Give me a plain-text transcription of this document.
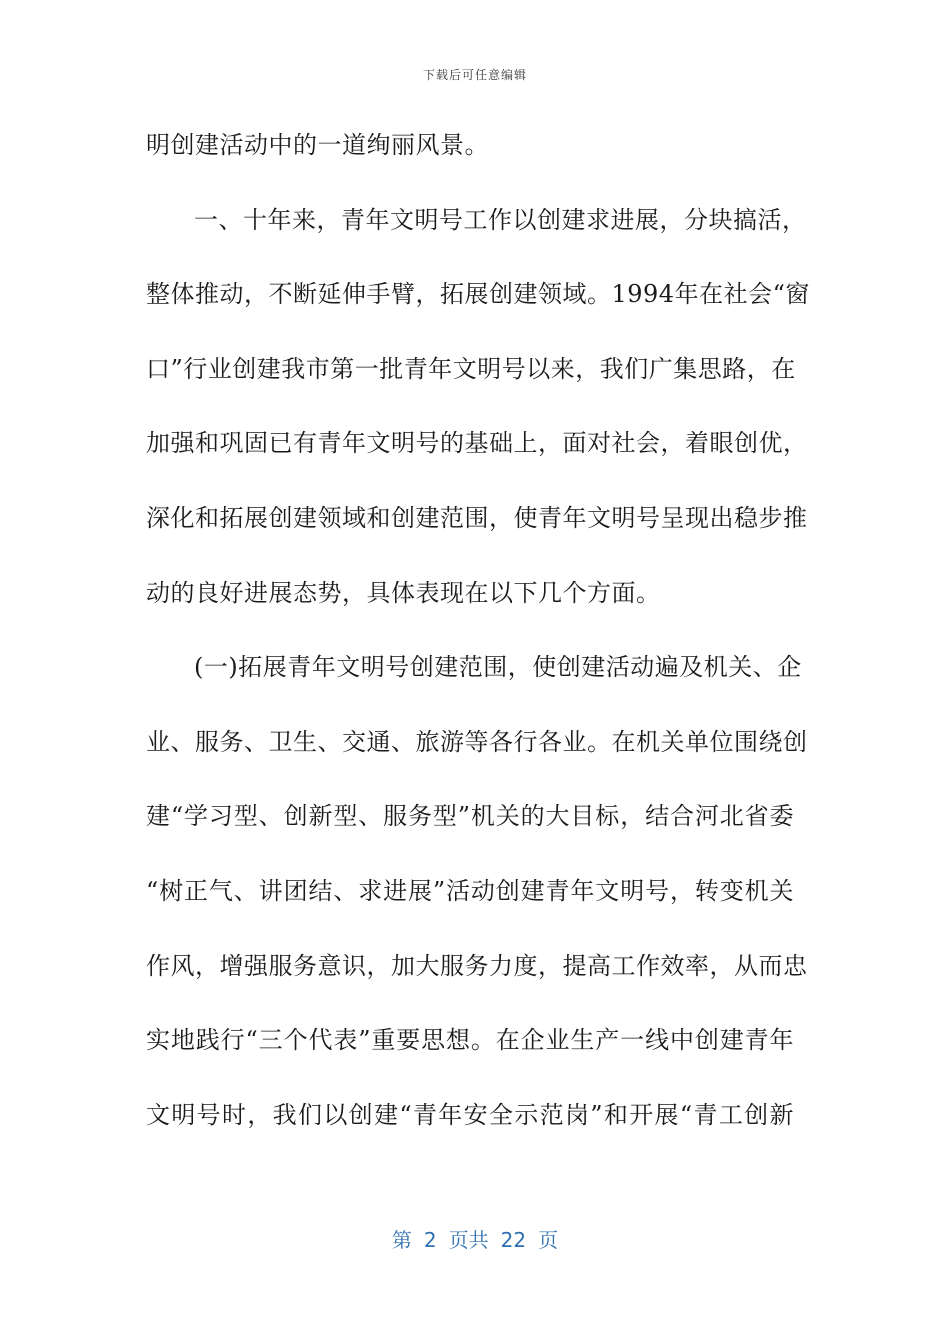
下载后可任意编辑
明创建活动中的一道绚丽风景。
一、十年来，青年文明号工作以创建求进展，分块搞活，
整体推动，不断延伸手臂，拓展创建领域。1994年在社会“窗
口”行业创建我市第一批青年文明号以来，我们广集思路，在
加强和巩固已有青年文明号的基础上，面对社会，着眼创优，
深化和拓展创建领域和创建范围，使青年文明号呈现出稳步推
动的良好进展态势，具体表现在以下几个方面。
(一)拓展青年文明号创建范围，使创建活动遍及机关、企
业、服务、卫生、交通、旅游等各行各业。在机关单位围绕创
建“学习型、创新型、服务型”机关的大目标，结合河北省委
“树正气、讲团结、求进展”活动创建青年文明号，转变机关
作风，增强服务意识，加大服务力度，提高工作效率，从而忠
实地践行“三个代表”重要思想。在企业生产一线中创建青年
文明号时，我们以创建“青年安全示范岗”和开展“青工创新
第 2 页共 22 页
